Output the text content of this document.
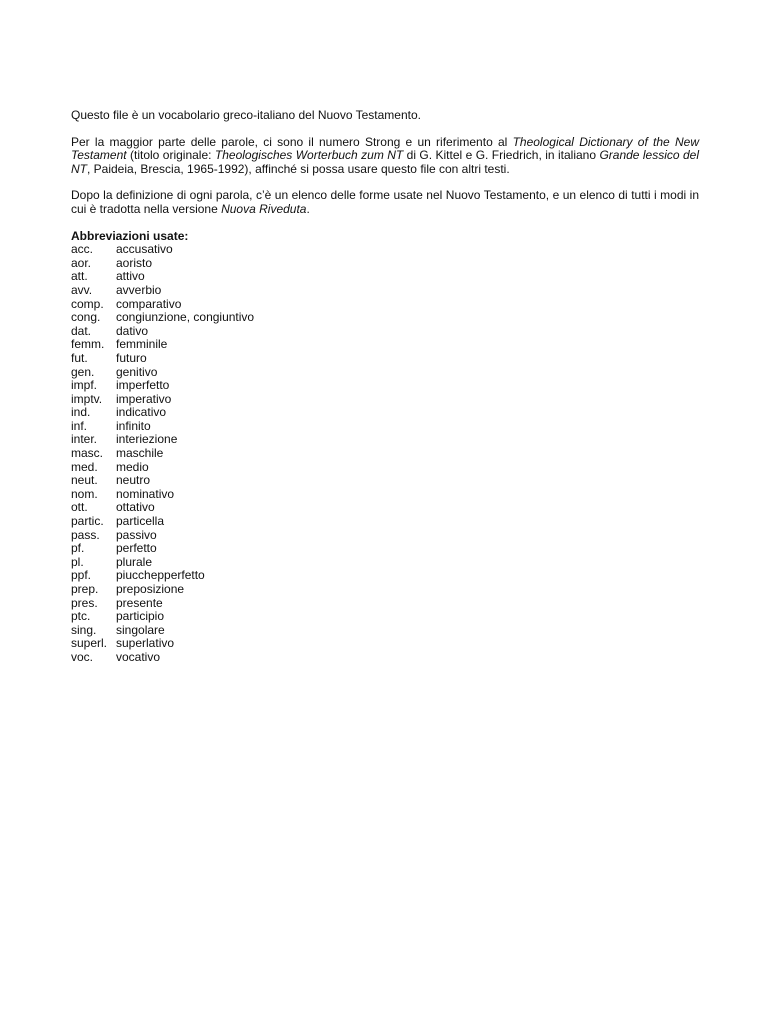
Questo file è un vocabolario greco-italiano del Nuovo Testamento.

Per la maggior parte delle parole, ci sono il numero Strong e un riferimento al Theological Dictionary of the New Testament (titolo originale: Theologisches Worterbuch zum NT di G. Kittel e G. Friedrich, in italiano Grande lessico del NT, Paideia, Brescia, 1965-1992), affinché si possa usare questo file con altri testi.

Dopo la definizione di ogni parola, c’è un elenco delle forme usate nel Nuovo Testamento, e un elenco di tutti i modi in cui è tradotta nella versione Nuova Riveduta.

Abbreviazioni usate:

acc.	accusativo
aor.	aoristo
att.	attivo
avv.	avverbio
comp.	comparativo
cong.	congiunzione, congiuntivo
dat.	dativo
femm. femminile
fut.	futuro
gen.	genitivo
impf.	imperfetto
imptv.	imperativo
ind.	indicativo
inf.	infinito
inter.	interiezione
masc.	maschile
med.	medio
neut.	neutro
nom.	nominativo
ott.	ottativo
partic.	particella
pass.	passivo
pf.	perfetto
pl.	plurale
ppf.	piucchepperfetto
prep.	preposizione
pres.	presente
ptc.	participio
sing.	singolare
superl. superlativo
voc.	vocativo
